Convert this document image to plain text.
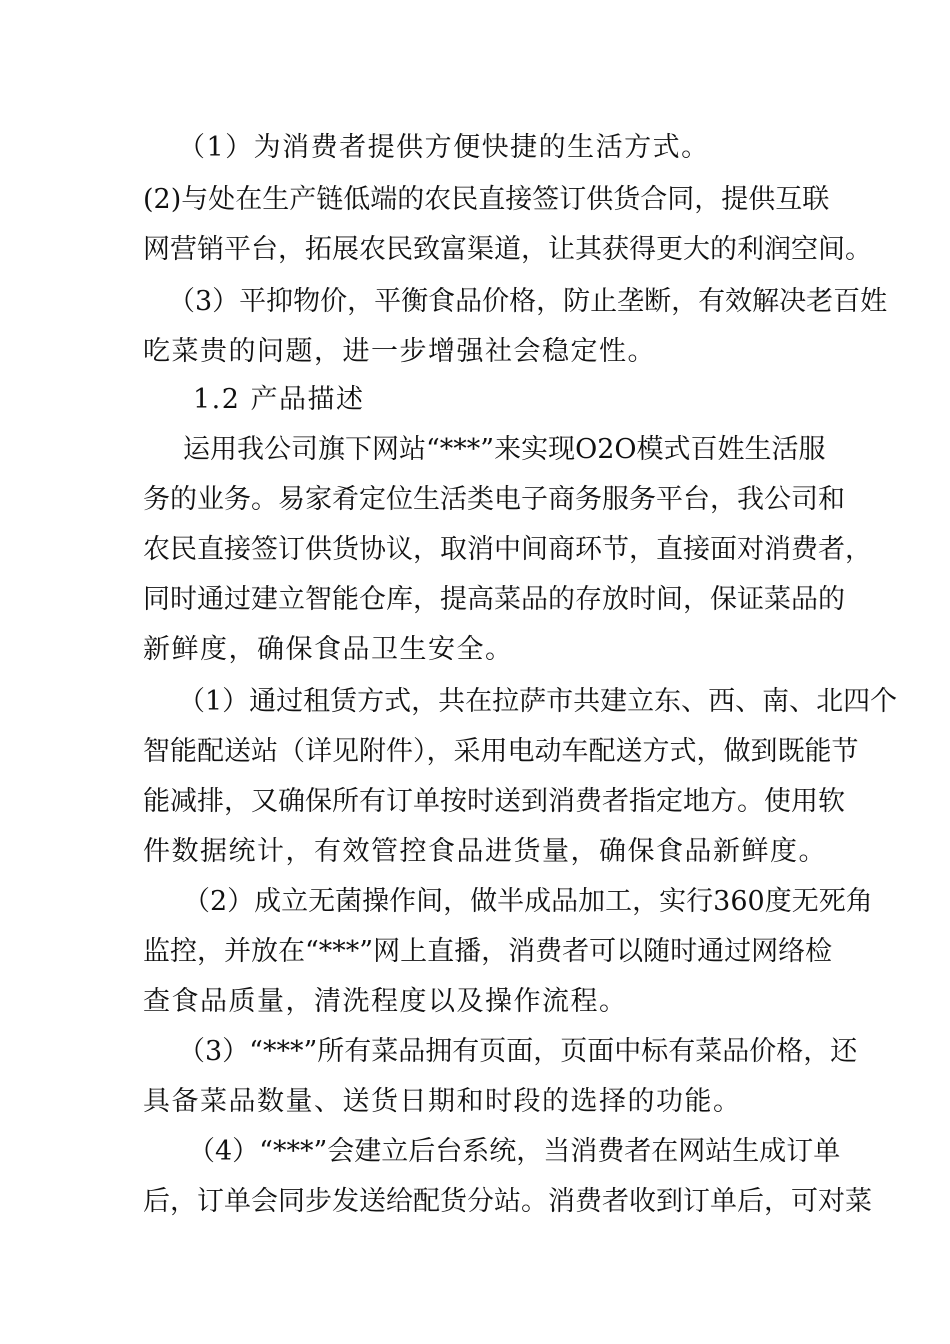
（1）为消费者提供方便快捷的生活方式。
(2)与处在生产链低端的农民直接签订供货合同，提供互联
网营销平台，拓展农民致富渠道，让其获得更大的利润空间。
（3）平抑物价，平衡食品价格，防止垄断，有效解决老百姓
吃菜贵的问题，进一步增强社会稳定性。
1.2 产品描述
运用我公司旗下网站“***”来实现O2O模式百姓生活服
务的业务。易家肴定位生活类电子商务服务平台，我公司和
农民直接签订供货协议，取消中间商环节，直接面对消费者，
同时通过建立智能仓库，提高菜品的存放时间，保证菜品的
新鲜度，确保食品卫生安全。
（1）通过租赁方式，共在拉萨市共建立东、西、南、北四个
智能配送站（详见附件），采用电动车配送方式，做到既能节
能减排，又确保所有订单按时送到消费者指定地方。使用软
件数据统计，有效管控食品进货量，确保食品新鲜度。
（2）成立无菌操作间，做半成品加工，实行360度无死角
监控，并放在“***”网上直播，消费者可以随时通过网络检
查食品质量，清洗程度以及操作流程。
（3）“***”所有菜品拥有页面，页面中标有菜品价格，还
具备菜品数量、送货日期和时段的选择的功能。
（4）“***”会建立后台系统，当消费者在网站生成订单
后，订单会同步发送给配货分站。消费者收到订单后，可对菜
